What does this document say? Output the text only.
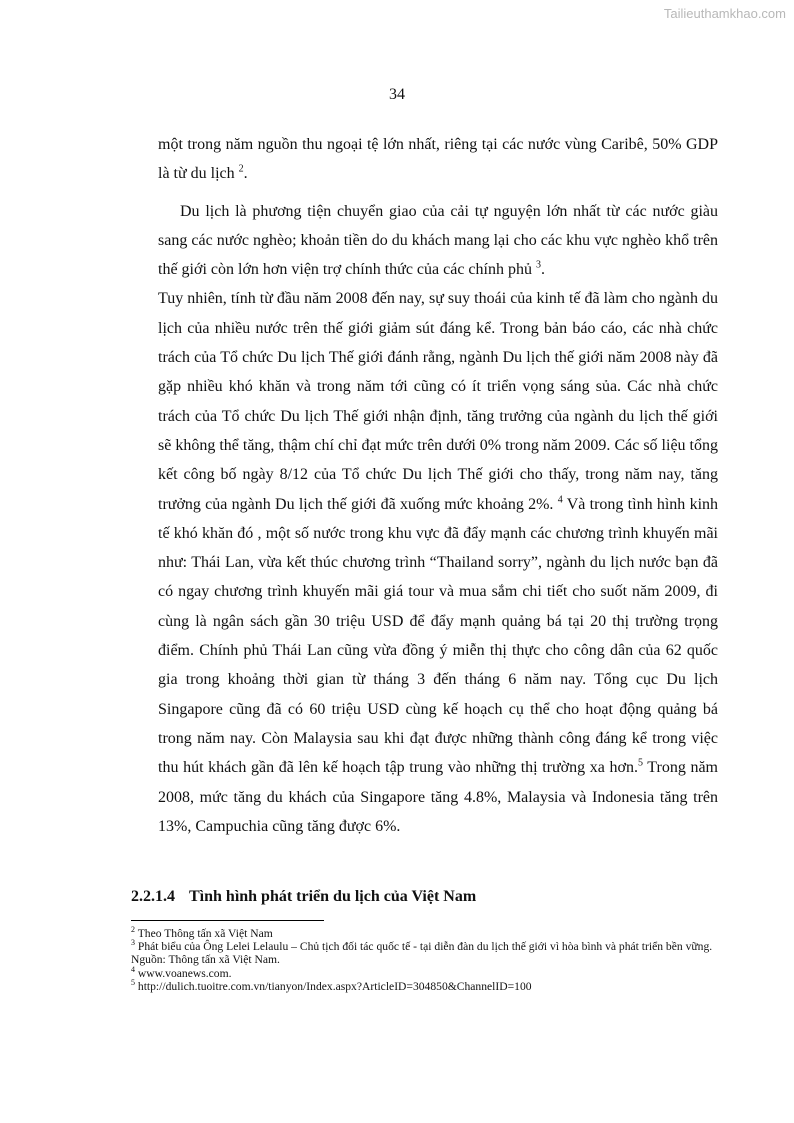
Tailieuthamkhao.com
34

một trong năm nguồn thu ngoại tệ lớn nhất, riêng tại các nước vùng Caribê, 50% GDP là từ du lịch $^2$.

Du lịch là phương tiện chuyển giao của cải tự nguyện lớn nhất từ các nước giàu sang các nước nghèo; khoản tiền do du khách mang lại cho các khu vực nghèo khổ trên thế giới còn lớn hơn viện trợ chính thức của các chính phủ $^3$.

Tuy nhiên, tính từ đầu năm 2008 đến nay, sự suy thoái của kinh tế đã làm cho ngành du lịch của nhiều nước trên thế giới giảm sút đáng kể. Trong bản báo cáo, các nhà chức trách của Tổ chức Du lịch Thế giới đánh rằng, ngành Du lịch thế giới năm 2008 này đã gặp nhiều khó khăn và trong năm tới cũng có ít triển vọng sáng sủa. Các nhà chức trách của Tổ chức Du lịch Thế giới nhận định, tăng trưởng của ngành du lịch thế giới sẽ không thể tăng, thậm chí chỉ đạt mức trên dưới 0% trong năm 2009. Các số liệu tổng kết công bố ngày 8/12 của Tổ chức Du lịch Thế giới cho thấy, trong năm nay, tăng trưởng của ngành Du lịch thế giới đã xuống mức khoảng 2%. $^4$ Và trong tình hình kinh tế khó khăn đó , một số nước trong khu vực đã đẩy mạnh các chương trình khuyến mãi như: Thái Lan, vừa kết thúc chương trình “Thailand sorry”, ngành du lịch nước bạn đã có ngay chương trình khuyến mãi giá tour và mua sắm chi tiết cho suốt năm 2009, đi cùng là ngân sách gần 30 triệu USD để đẩy mạnh quảng bá tại 20 thị trường trọng điểm. Chính phủ Thái Lan cũng vừa đồng ý miễn thị thực cho công dân của 62 quốc gia trong khoảng thời gian từ tháng 3 đến tháng 6 năm nay. Tổng cục Du lịch Singapore cũng đã có 60 triệu USD cùng kế hoạch cụ thể cho hoạt động quảng bá trong năm nay. Còn Malaysia sau khi đạt được những thành công đáng kể trong việc thu hút khách gần đã lên kế hoạch tập trung vào những thị trường xa hơn.$^5$ Trong năm 2008, mức tăng du khách của Singapore tăng 4.8%, Malaysia và Indonesia tăng trên 13%, Campuchia cũng tăng được 6%.

2.2.1.4 Tình hình phát triển du lịch của Việt Nam

$^2$ Theo Thông tấn xã Việt Nam

$^3$ Phát biểu của Ông Lelei Lelaulu – Chủ tịch đối tác quốc tế - tại diễn đàn du lịch thế giới vì hòa bình và phát triển bền vững. Nguồn: Thông tấn xã Việt Nam.

$^4$ www.voanews.com.

$^5$ http://dulich.tuoitre.com.vn/tianyon/Index.aspx?ArticleID=304850&ChannelID=100
